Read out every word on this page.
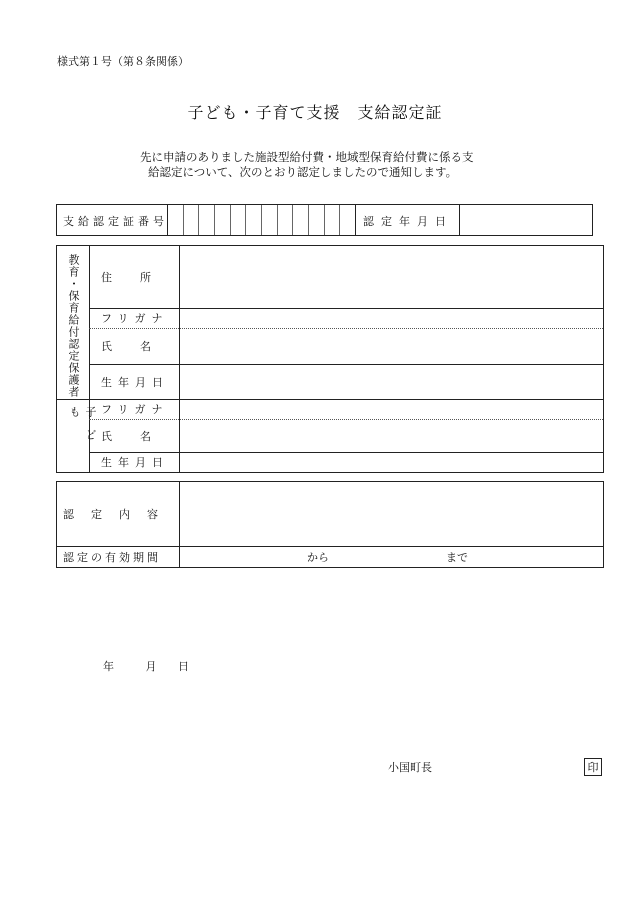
様式第１号（第８条関係）
子ども・子育て支援　支給認定証
先に申請のありました施設型給付費・地域型保育給付費に係る支
給認定について、次のとおり認定しましたので通知します。
支給認定証番号	認定年月日
教育・保育給付認定保護者 住　　所
フリガナ
氏　　名
生年月日
子ども	フリガナ
氏　　名
生年月日
認　定　内　容
認定の有効期間	から	まで
年	月 日
小国町長	印
